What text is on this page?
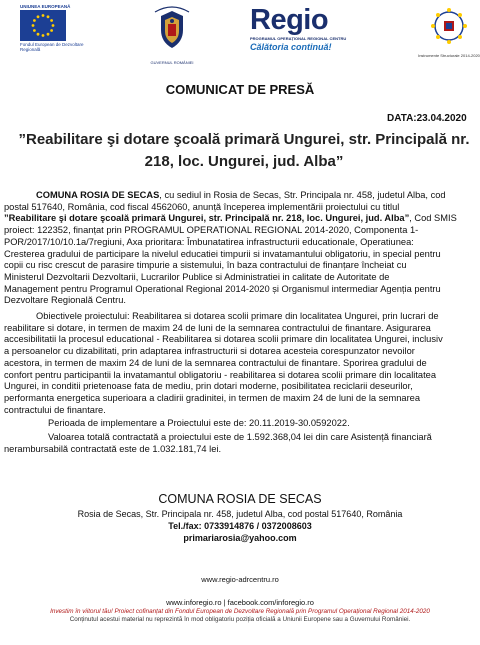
UNIUNEA EUROPEANĂ
Fondul European de Dezvoltare Regională
GUVERNUL ROMÂNIEI
Regio
PROGRAMUL OPERAȚIONAL REGIONAL CENTRU
Călătoria continuă!
Instrumente Structurale 2014-2020
COMUNICAT DE PRESĂ
DATA:23.04.2020
”Reabilitare şi dotare şcoală primară Ungurei, str. Principală nr. 218, loc. Ungurei, jud. Alba”

COMUNA ROSIA DE SECAS, cu sediul in Rosia de Secas, Str. Principala nr. 458, judetul Alba, cod
postal 517640, România, cod fiscal 4562060, anunță începerea implementării proiectului cu titlul
”Reabilitare şi dotare şcoală primară Ungurei, str. Principală nr. 218, loc. Ungurei, jud. Alba”, Cod SMIS
proiect: 122352, finanțat prin PROGRAMUL OPERATIONAL REGIONAL 2014-2020, Componenta 1-
POR/2017/10/10.1a/7regiuni, Axa prioritara: Îmbunatatirea infrastructurii educationale, Operatiunea:
Cresterea gradului de participare la nivelul educatiei timpurii si invatamantului obligatoriu, in special pentru
copii cu risc crescut de parasire timpurie a sistemului, în baza contractului de finanțare încheiat cu
Ministerul Dezvoltarii Dezvoltarii, Lucrarilor Publice si Administratiei in calitate de Autoritate de
Management pentru Programul Operational Regional 2014-2020 și Organismul intermediar Agenția pentru
Dezvoltare Regională Centru.

Obiectivele proiectului: Reabilitarea si dotarea scolii primare din localitatea Ungurei, prin lucrari de
reabilitare si dotare, in termen de maxim 24 de luni de la semnarea contractului de finantare. Asigurarea
accesibilitatii la procesul educational - Reabilitarea si dotarea scolii primare din localitatea Ungurei, inclusiv
a persoanelor cu dizabilitati, prin adaptarea infrastructurii si dotarea acesteia corespunzator nevoilor
acestora, in termen de maxim 24 de luni de la semnarea contractului de finantare. Sporirea gradului de
confort pentru participantii la invatamantul obligatoriu - reabilitarea si dotarea scolii primare din localitatea
Ungurei, in conditii prietenoase fata de mediu, prin dotari moderne, posibilitatea reciclarii deseurilor,
performanta energetica superioara a cladirii gradinitei, in termen de maxim 24 de luni de la semnarea
contractului de finantare.

Perioada de implementare a Proiectului este de: 20.11.2019-30.0592022.

Valoarea totală contractată a proiectului este de 1.592.368,04 lei din care Asistență financiară
nerambursabilă contractată este de 1.032.181,74 lei.

COMUNA ROSIA DE SECAS
Rosia de Secas, Str. Principala nr. 458, judetul Alba, cod postal 517640, România
Tel./fax: 0733914876 / 0372008603
primariarosia@yahoo.com
www.regio-adrcentru.ro
www.inforegio.ro | facebook.com/inforegio.ro
Investim în viitorul tău! Proiect cofinanțat din Fondul European de Dezvoltare Regională prin Programul Operațional Regional 2014-2020
Conținutul acestui material nu reprezintă în mod obligatoriu poziția oficială a Uniunii Europene sau a Guvernului României.
